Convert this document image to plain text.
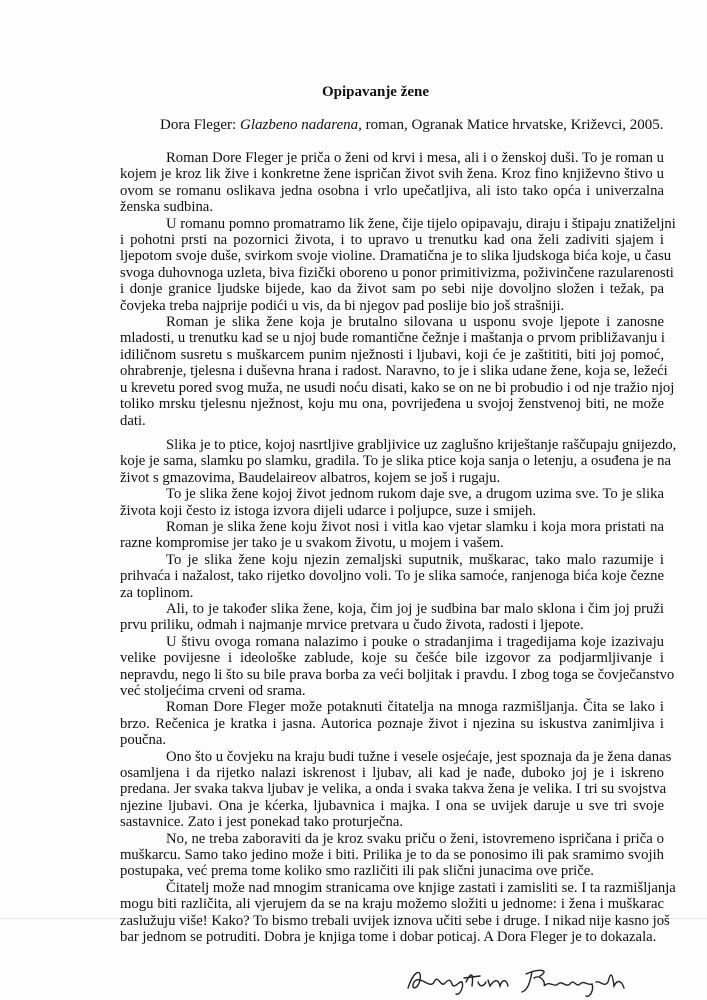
Opipavanje žene
Dora Fleger: Glazbeno nadarena, roman, Ogranak Matice hrvatske, Križevci, 2005.
Roman Dore Fleger je priča o ženi od krvi i mesa, ali i o ženskoj duši. To je roman u
kojem je kroz lik žive i konkretne žene ispričan život svih žena. Kroz fino književno štivo u
ovom se romanu oslikava jedna osobna i vrlo upečatljiva, ali isto tako opća i univerzalna
ženska sudbina.
U romanu pomno promatramo lik žene, čije tijelo opipavaju, diraju i štipaju znatiželjni
i pohotni prsti na pozornici života, i to upravo u trenutku kad ona želi zadiviti sjajem i
ljepotom svoje duše, svirkom svoje violine. Dramatična je to slika ljudskoga bića koje, u času
svoga duhovnoga uzleta, biva fizički oboreno u ponor primitivizma, poživinčene razularenosti
i donje granice ljudske bijede, kao da život sam po sebi nije dovoljno složen i težak, pa
čovjeka treba najprije podići u vis, da bi njegov pad poslije bio još strašniji.
Roman je slika žene koja je brutalno silovana u usponu svoje ljepote i zanosne
mladosti, u trenutku kad se u njoj bude romantične čežnje i maštanja o prvom približavanju i
idiličnom susretu s muškarcem punim nježnosti i ljubavi, koji će je zaštititi, biti joj pomoć,
ohrabrenje, tjelesna i duševna hrana i radost. Naravno, to je i slika udane žene, koja se, ležeći
u krevetu pored svog muža, ne usudi noću disati, kako se on ne bi probudio i od nje tražio njoj
toliko mrsku tjelesnu nježnost, koju mu ona, povrijeđena u svojoj ženstvenoj biti, ne može
dati.
Slika je to ptice, kojoj nasrtljive grabljivice uz zaglušno kriještanje raščupaju gnijezdo,
koje je sama, slamku po slamku, gradila. To je slika ptice koja sanja o letenju, a osuđena je na
život s gmazovima, Baudelaireov albatros, kojem se još i rugaju.
To je slika žene kojoj život jednom rukom daje sve, a drugom uzima sve. To je slika
života koji često iz istoga izvora dijeli udarce i poljupce, suze i smijeh.
Roman je slika žene koju život nosi i vitla kao vjetar slamku i koja mora pristati na
razne kompromise jer tako je u svakom životu, u mojem i vašem.
To je slika žene koju njezin zemaljski suputnik, muškarac, tako malo razumije i
prihvaća i nažalost, tako rijetko dovoljno voli. To je slika samoće, ranjenoga bića koje čezne
za toplinom.
Ali, to je također slika žene, koja, čim joj je sudbina bar malo sklona i čim joj pruži
prvu priliku, odmah i najmanje mrvice pretvara u čudo života, radosti i ljepote.
U štivu ovoga romana nalazimo i pouke o stradanjima i tragedijama koje izazivaju
velike povijesne i ideološke zablude, koje su češće bile izgovor za podjarmljivanje i
nepravdu, nego li što su bile prava borba za veći boljitak i pravdu. I zbog toga se čovječanstvo
već stoljećima crveni od srama.
Roman Dore Fleger može potaknuti čitatelja na mnoga razmišljanja. Čita se lako i
brzo. Rečenica je kratka i jasna. Autorica poznaje život i njezina su iskustva zanimljiva i
poučna.
Ono što u čovjeku na kraju budi tužne i vesele osjećaje, jest spoznaja da je žena danas
osamljena i da rijetko nalazi iskrenost i ljubav, ali kad je nađe, duboko joj je i iskreno
predana. Jer svaka takva ljubav je velika, a onda i svaka takva žena je velika. I tri su svojstva
njezine ljubavi. Ona je kćerka, ljubavnica i majka. I ona se uvijek daruje u sve tri svoje
sastavnice. Zato i jest ponekad tako proturječna.
No, ne treba zaboraviti da je kroz svaku priču o ženi, istovremeno ispričana i priča o
muškarcu. Samo tako jedino može i biti. Prilika je to da se ponosimo ili pak sramimo svojih
postupaka, već prema tome koliko smo različiti ili pak slični junacima ove priče.
Čitatelj može nad mnogim stranicama ove knjige zastati i zamisliti se. I ta razmišljanja
mogu biti različita, ali vjerujem da se na kraju možemo složiti u jednome: i žena i muškarac
zaslužuju više! Kako? To bismo trebali uvijek iznova učiti sebe i druge. I nikad nije kasno još
bar jednom se potruditi. Dobra je knjiga tome i dobar poticaj. A Dora Fleger je to dokazala.
